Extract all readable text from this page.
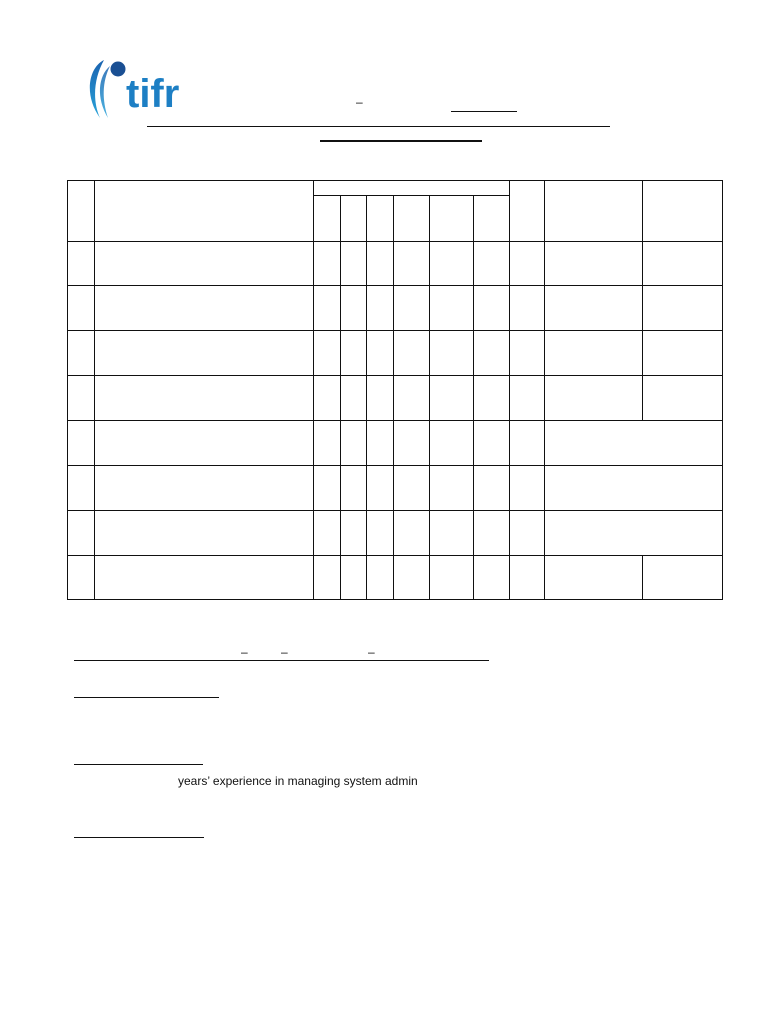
tifr	–
–	–	–
years’ experience in managing system admin
